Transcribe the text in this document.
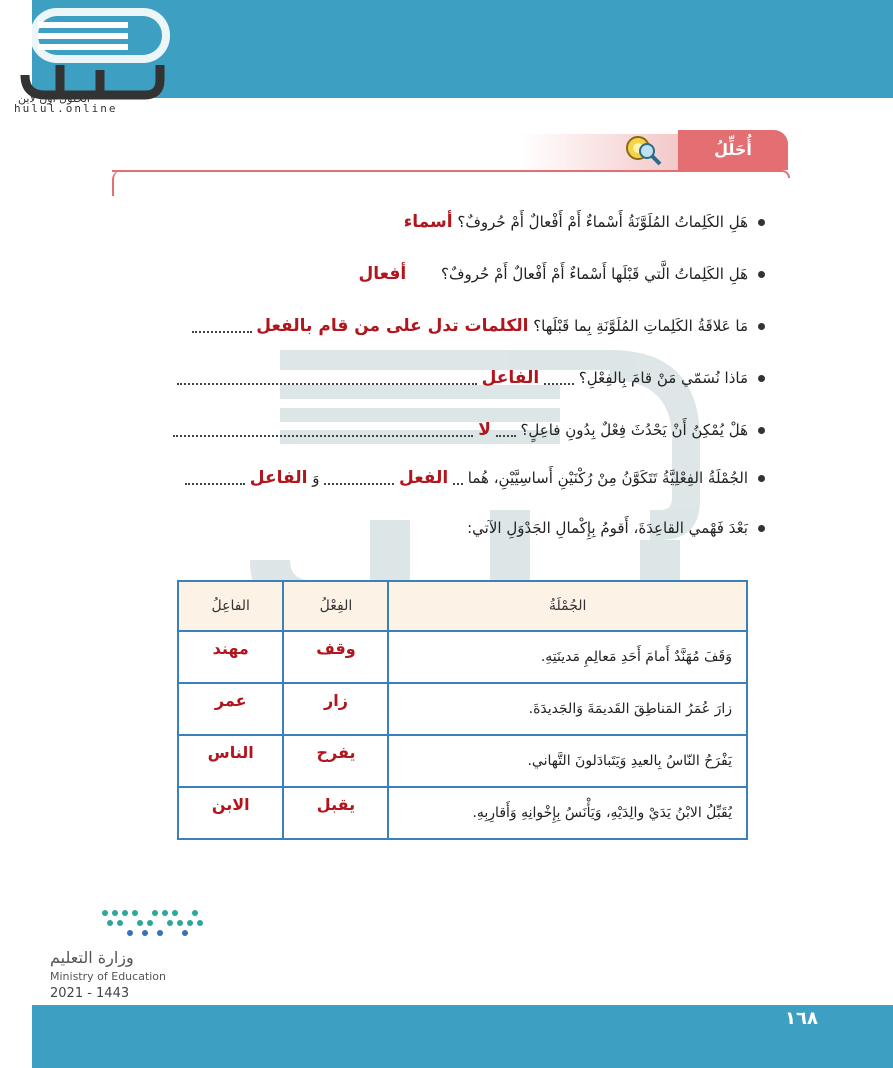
الحلول اون لاين
hulul.online
أُحَلِّلُ
هَلِ الكَلِماتُ المُلَوَّنَةُ أَسْماءٌ أَمْ أَفْعالٌ أَمْ حُروفٌ؟ أسماء
هَلِ الكَلِماتُ الَّتي قَبْلَها أَسْماءٌ أَمْ أَفْعالٌ أَمْ حُروفٌ؟ أفعال
مَا عَلاقَةُ الكَلِماتِ المُلَوَّنَةِ بِما قَبْلَها؟ الكلمات تدل على من قام بالفعل
مَاذا نُسَمّي مَنْ قامَ بِالفِعْلِ؟  الفاعل
هَلْ يُمْكِنُ أَنْ يَحْدُثَ فِعْلٌ بِدُونِ فاعِلٍ؟  لا
الجُمْلَةُ الفِعْلِيَّةُ تَتَكَوَّنُ مِنْ رُكْنَيْنِ أَساسِيَّيْنِ، هُما  الفعل  وَ الفاعل
بَعْدَ فَهْمي القاعِدَةَ، أَقومُ بِإِكْمالِ الجَدْوَلِ الآتي:
الجُمْلَةُ	الفِعْلُ	الفاعِلُ
وَقَفَ مُهَنَّدٌ أَمامَ أَحَدِ مَعالِمِ مَدينَتِهِ.	وقف	مهند

زارَ عُمَرُ المَناطِقَ القَديمَةَ وَالجَديدَةَ.	زار	عمر

يَفْرَحُ النّاسُ بِالعيدِ وَيَتَبادَلونَ التَّهاني.	يفرح	الناس

يُقَبِّلُ الابْنُ يَدَيْ والِدَيْهِ، وَيَأْنَسُ بِإِخْوانِهِ وَأَقارِبِهِ.	يقبل	الابن
وزارة التعليم
Ministry of Education
2021 - 1443
١٦٨
